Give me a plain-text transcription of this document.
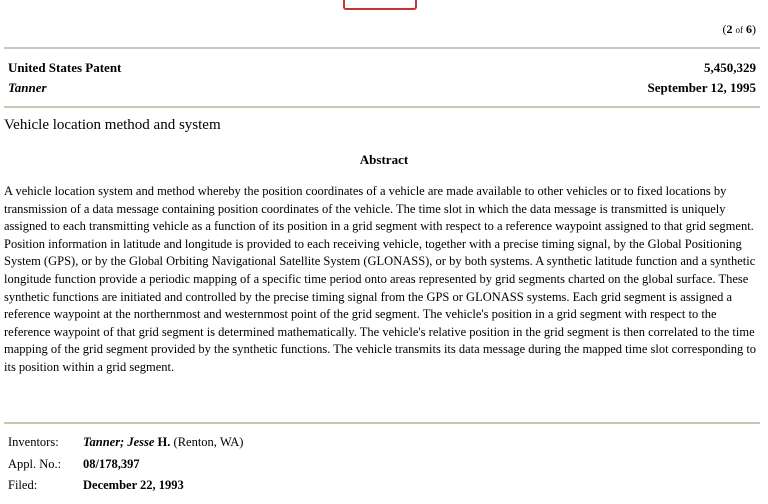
(2 of 6)
United States Patent	5,450,329
Tanner	September 12, 1995
Vehicle location method and system
Abstract
A vehicle location system and method whereby the position coordinates of a vehicle are made available to other vehicles or to fixed locations by transmission of a data message containing position coordinates of the vehicle. The time slot in which the data message is transmitted is uniquely assigned to each transmitting vehicle as a function of its position in a grid segment with respect to a reference waypoint assigned to that grid segment. Position information in latitude and longitude is provided to each receiving vehicle, together with a precise timing signal, by the Global Positioning System (GPS), or by the Global Orbiting Navigational Satellite System (GLONASS), or by both systems. A synthetic latitude function and a synthetic longitude function provide a periodic mapping of a specific time period onto areas represented by grid segments charted on the global surface. These synthetic functions are initiated and controlled by the precise timing signal from the GPS or GLONASS systems. Each grid segment is assigned a reference waypoint at the northernmost and westernmost point of the grid segment. The vehicle's position in a grid segment with respect to the reference waypoint of that grid segment is determined mathematically. The vehicle's relative position in the grid segment is then correlated to the time mapping of the grid segment provided by the synthetic functions. The vehicle transmits its data message during the mapped time slot corresponding to its position within a grid segment.
Inventors:	Tanner; Jesse H. (Renton, WA)
Appl. No.:	08/178,397
Filed:	December 22, 1993
